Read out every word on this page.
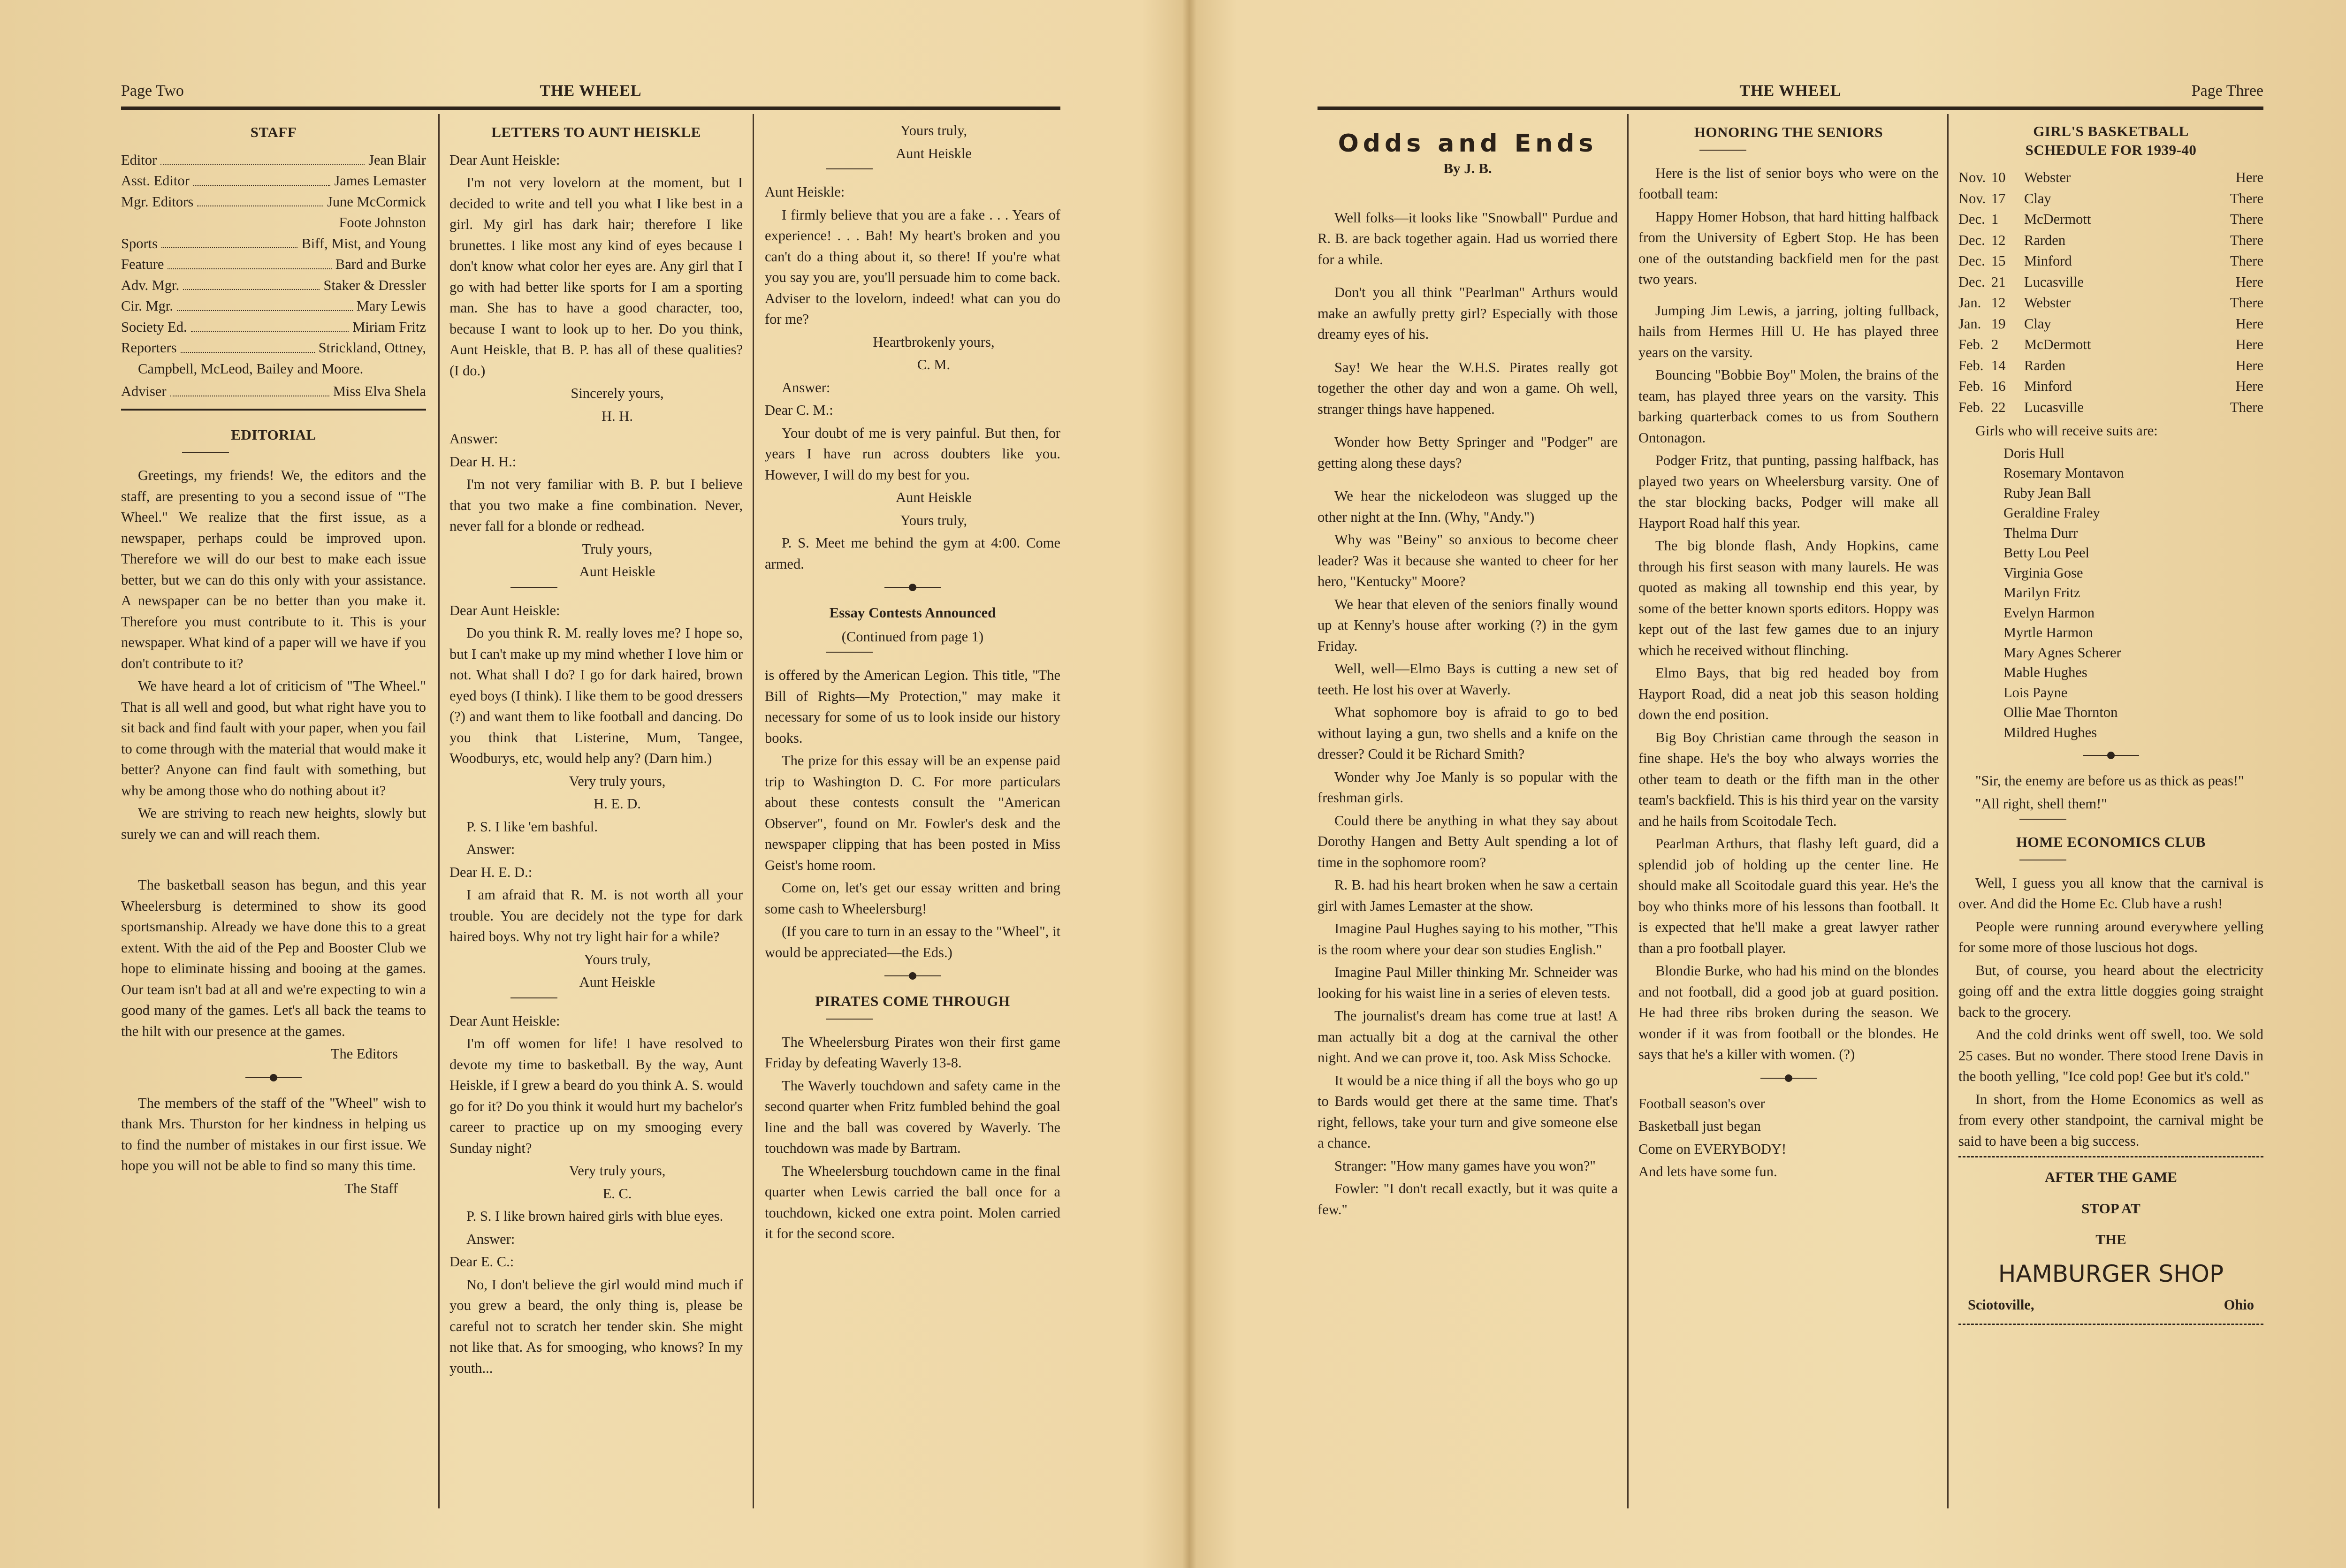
Page Two	THE WHEEL
STAFF
Editor	Jean Blair
Asst. Editor	James Lemaster
Mgr. Editors	June McCormick
Foote Johnston
Sports	Biff, Mist, and Young
Feature	Bard and Burke
Adv. Mgr.	Staker & Dressler
Cir. Mgr.	Mary Lewis
Society Ed.	Miriam Fritz
Reporters	Strickland, Ottney,

Campbell, McLeod, Bailey and Moore.

Adviser	Miss Elva Shela
EDITORIAL

Greetings, my friends! We, the editors and the staff, are presenting to you a second issue of "The Wheel." We realize that the first issue, as a newspaper, perhaps could be improved upon. Therefore we will do our best to make each issue better, but we can do this only with your assistance. A newspaper can be no better than you make it. Therefore you must contribute to it. This is your newspaper. What kind of a paper will we have if you don't contribute to it?

We have heard a lot of criticism of "The Wheel." That is all well and good, but what right have you to sit back and find fault with your paper, when you fail to come through with the material that would make it better? Anyone can find fault with something, but why be among those who do nothing about it?

We are striving to reach new heights, slowly but surely we can and will reach them.

The basketball season has begun, and this year Wheelersburg is determined to show its good sportsmanship. Already we have done this to a great extent. With the aid of the Pep and Booster Club we hope to eliminate hissing and booing at the games. Our team isn't bad at all and we're expecting to win a good many of the games. Let's all back the teams to the hilt with our presence at the games.

The Editors

The members of the staff of the "Wheel" wish to thank Mrs. Thurston for her kindness in helping us to find the number of mistakes in our first issue. We hope you will not be able to find so many this time.

The Staff

LETTERS TO AUNT HEISKLE

Dear Aunt Heiskle:

I'm not very lovelorn at the moment, but I decided to write and tell you what I like best in a girl. My girl has dark hair; therefore I like brunettes. I like most any kind of eyes because I don't know what color her eyes are. Any girl that I go with had better like sports for I am a sporting man. She has to have a good character, too, because I want to look up to her. Do you think, Aunt Heiskle, that B. P. has all of these qualities? (I do.)

Sincerely yours,

H. H.

Answer:

Dear H. H.:

I'm not very familiar with B. P. but I believe that you two make a fine combination. Never, never fall for a blonde or redhead.

Truly yours,

Aunt Heiskle

Dear Aunt Heiskle:

Do you think R. M. really loves me? I hope so, but I can't make up my mind whether I love him or not. What shall I do? I go for dark haired, brown eyed boys (I think). I like them to be good dressers (?) and want them to like football and dancing. Do you think that Listerine, Mum, Tangee, Woodburys, etc, would help any? (Darn him.)

Very truly yours,

H. E. D.

P. S. I like 'em bashful.

Answer:

Dear H. E. D.:

I am afraid that R. M. is not worth all your trouble. You are decidely not the type for dark haired boys. Why not try light hair for a while?

Yours truly,

Aunt Heiskle

Dear Aunt Heiskle:

I'm off women for life! I have resolved to devote my time to basketball. By the way, Aunt Heiskle, if I grew a beard do you think A. S. would go for it? Do you think it would hurt my bachelor's career to practice up on my smooging every Sunday night?

Very truly yours,

E. C.

P. S. I like brown haired girls with blue eyes.

Answer:

Dear E. C.:

No, I don't believe the girl would mind much if you grew a beard, the only thing is, please be careful not to scratch her tender skin. She might not like that. As for smooging, who knows? In my youth...

Yours truly,

Aunt Heiskle

Aunt Heiskle:

I firmly believe that you are a fake . . . Years of experience! . . . Bah! My heart's broken and you can't do a thing about it, so there! If you're what you say you are, you'll persuade him to come back. Adviser to the lovelorn, indeed! what can you do for me?

Heartbrokenly yours,

C. M.

Answer:

Dear C. M.:

Your doubt of me is very painful. But then, for years I have run across doubters like you. However, I will do my best for you.

Aunt Heiskle

Yours truly,

P. S. Meet me behind the gym at 4:00. Come armed.

Essay Contests Announced

(Continued from page 1)

is offered by the American Legion. This title, "The Bill of Rights—My Protection," may make it necessary for some of us to look inside our history books.

The prize for this essay will be an expense paid trip to Washington D. C. For more particulars about these contests consult the "American Observer", found on Mr. Fowler's desk and the newspaper clipping that has been posted in Miss Geist's home room.

Come on, let's get our essay written and bring some cash to Wheelersburg!

(If you care to turn in an essay to the "Wheel", it would be appreciated—the Eds.)

PIRATES COME THROUGH

The Wheelersburg Pirates won their first game Friday by defeating Waverly 13-8.

The Waverly touchdown and safety came in the second quarter when Fritz fumbled behind the goal line and the ball was covered by Waverly. The touchdown was made by Bartram.

The Wheelersburg touchdown came in the final quarter when Lewis carried the ball once for a touchdown, kicked one extra point. Molen carried it for the second score.

THE WHEEL	Page Three
Odds and Ends

By J. B.

Well folks—it looks like "Snowball" Purdue and R. B. are back together again. Had us worried there for a while.

Don't you all think "Pearlman" Arthurs would make an awfully pretty girl? Especially with those dreamy eyes of his.

Say! We hear the W.H.S. Pirates really got together the other day and won a game. Oh well, stranger things have happened.

Wonder how Betty Springer and "Podger" are getting along these days?

We hear the nickelodeon was slugged up the other night at the Inn. (Why, "Andy.")

Why was "Beiny" so anxious to become cheer leader? Was it because she wanted to cheer for her hero, "Kentucky" Moore?

We hear that eleven of the seniors finally wound up at Kenny's house after working (?) in the gym Friday.

Well, well—Elmo Bays is cutting a new set of teeth. He lost his over at Waverly.

What sophomore boy is afraid to go to bed without laying a gun, two shells and a knife on the dresser? Could it be Richard Smith?

Wonder why Joe Manly is so popular with the freshman girls.

Could there be anything in what they say about Dorothy Hangen and Betty Ault spending a lot of time in the sophomore room?

R. B. had his heart broken when he saw a certain girl with James Lemaster at the show.

Imagine Paul Hughes saying to his mother, "This is the room where your dear son studies English."

Imagine Paul Miller thinking Mr. Schneider was looking for his waist line in a series of eleven tests.

The journalist's dream has come true at last! A man actually bit a dog at the carnival the other night. And we can prove it, too. Ask Miss Schocke.

It would be a nice thing if all the boys who go up to Bards would get there at the same time. That's right, fellows, take your turn and give someone else a chance.

Stranger: "How many games have you won?"

Fowler: "I don't recall exactly, but it was quite a few."

HONORING THE SENIORS

Here is the list of senior boys who were on the football team:

Happy Homer Hobson, that hard hitting halfback from the University of Egbert Stop. He has been one of the outstanding backfield men for the past two years.

Jumping Jim Lewis, a jarring, jolting fullback, hails from Hermes Hill U. He has played three years on the varsity.

Bouncing "Bobbie Boy" Molen, the brains of the team, has played three years on the varsity. This barking quarterback comes to us from Southern Ontonagon.

Podger Fritz, that punting, passing halfback, has played two years on Wheelersburg varsity. One of the star blocking backs, Podger will make all Hayport Road half this year.

The big blonde flash, Andy Hopkins, came through his first season with many laurels. He was quoted as making all township end this year, by some of the better known sports editors. Hoppy was kept out of the last few games due to an injury which he received without flinching.

Elmo Bays, that big red headed boy from Hayport Road, did a neat job this season holding down the end position.

Big Boy Christian came through the season in fine shape. He's the boy who always worries the other team to death or the fifth man in the other team's backfield. This is his third year on the varsity and he hails from Scoitodale Tech.

Pearlman Arthurs, that flashy left guard, did a splendid job of holding up the center line. He should make all Scoitodale guard this year. He's the boy who thinks more of his lessons than football. It is expected that he'll make a great lawyer rather than a pro football player.

Blondie Burke, who had his mind on the blondes and not football, did a good job at guard position. He had three ribs broken during the season. We wonder if it was from football or the blondes. He says that he's a killer with women. (?)

Football season's over

Basketball just began

Come on EVERYBODY!

And lets have some fun.

GIRL'S BASKETBALL
SCHEDULE FOR 1939-40
Nov. 10	Webster	Here
Nov. 17	Clay	There
Dec. 1	McDermott	There
Dec. 12	Rarden	There
Dec. 15	Minford	There
Dec. 21	Lucasville	Here
Jan. 12	Webster	There
Jan. 19	Clay	Here
Feb. 2	McDermott	Here
Feb. 14	Rarden	Here
Feb. 16	Minford	Here
Feb. 22	Lucasville	There

Girls who will receive suits are:

Doris Hull
Rosemary Montavon
Ruby Jean Ball
Geraldine Fraley
Thelma Durr
Betty Lou Peel
Virginia Gose
Marilyn Fritz
Evelyn Harmon
Myrtle Harmon
Mary Agnes Scherer
Mable Hughes
Lois Payne
Ollie Mae Thornton
Mildred Hughes

"Sir, the enemy are before us as thick as peas!"

"All right, shell them!"

HOME ECONOMICS CLUB

Well, I guess you all know that the carnival is over. And did the Home Ec. Club have a rush!

People were running around everywhere yelling for some more of those luscious hot dogs.

But, of course, you heard about the electricity going off and the extra little doggies going straight back to the grocery.

And the cold drinks went off swell, too. We sold 25 cases. But no wonder. There stood Irene Davis in the booth yelling, "Ice cold pop! Gee but it's cold."

In short, from the Home Economics as well as from every other standpoint, the carnival might be said to have been a big success.

AFTER THE GAME

STOP AT

THE

HAMBURGER SHOP

Sciotoville,	Ohio
